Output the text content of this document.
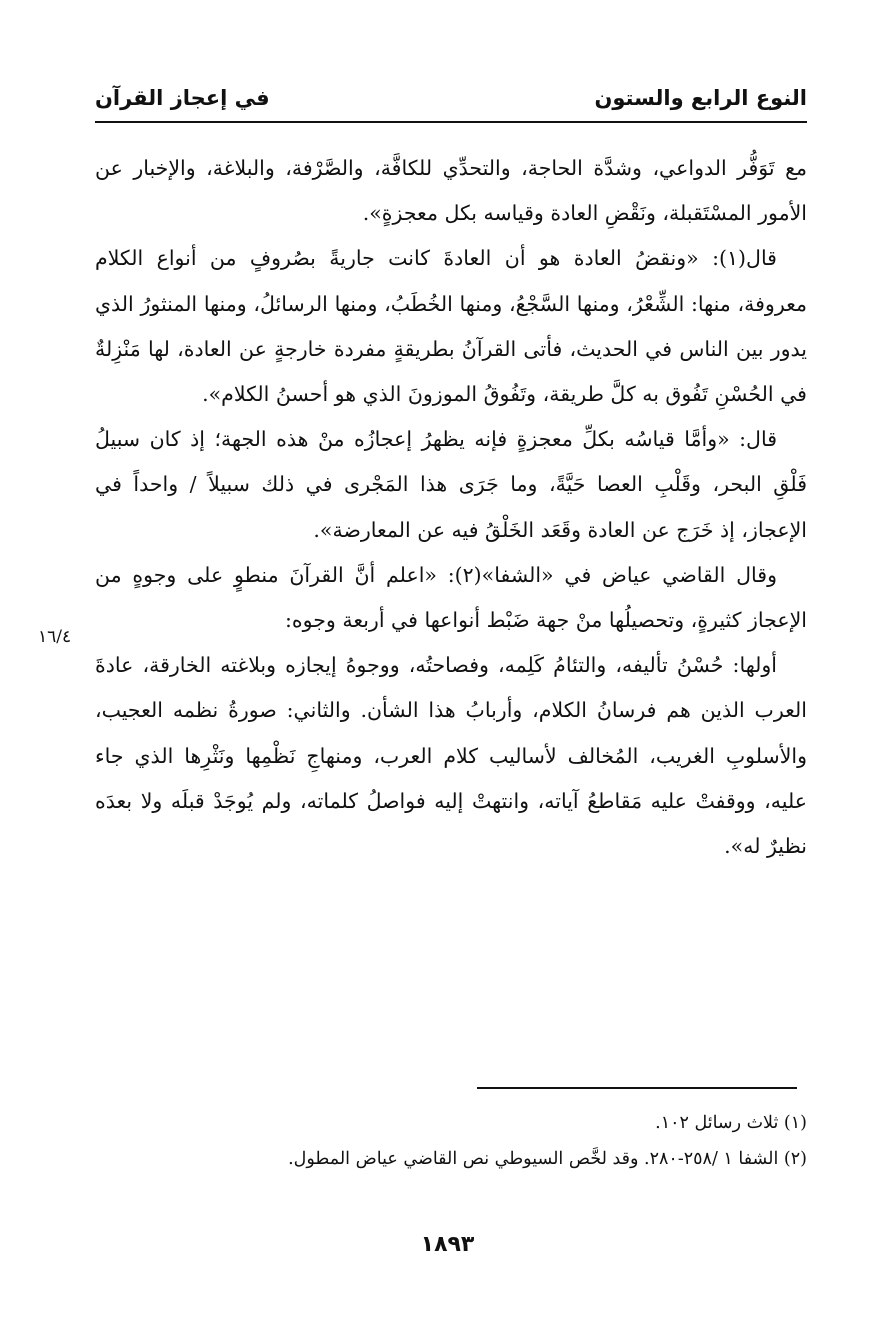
النوع الرابع والستون
في إعجاز القرآن

مع تَوَفُّر الدواعي، وشدَّة الحاجة، والتحدِّي للكافَّة، والصَّرْفة، والبلاغة، والإخبار عن الأمور المسْتَقبلة، ونَقْضِ العادة وقياسه بكل معجزةٍ».

قال(١): «ونقضُ العادة هو أن العادةَ كانت جاريةً بصُروفٍ من أنواع الكلام معروفة، منها: الشِّعْرُ، ومنها السَّجْعُ، ومنها الخُطَبُ، ومنها الرسائلُ، ومنها المنثورُ الذي يدور بين الناس في الحديث، فأتى القرآنُ بطريقةٍ مفردة خارجةٍ عن العادة، لها مَنْزِلةٌ في الحُسْنِ تَفُوق به كلَّ طريقة، وتَفُوقُ الموزونَ الذي هو أحسنُ الكلام».

قال: «وأمَّا قياسُه بكلِّ معجزةٍ فإنه يظهرُ إعجازُه منْ هذه الجهة؛ إذ كان سبيلُ فَلْقِ البحر، وقَلْبِ العصا حَيَّةً، وما جَرَى هذا المَجْرى في ذلك سبيلاً / واحداً في الإعجاز، إذ خَرَج عن العادة وقَعَد الخَلْقُ فيه عن المعارضة».

وقال القاضي عياض في «الشفا»(٢): «اعلم أنَّ القرآنَ منطوٍ على وجوهٍ من الإعجاز كثيرةٍ، وتحصيلُها منْ جهة ضَبْط أنواعها في أربعة وجوه:

أولها: حُسْنُ تأليفه، والتئامُ كَلِمه، وفصاحتُه، ووجوهُ إيجازه وبلاغته الخارقة، عادةَ العرب الذين هم فرسانُ الكلام، وأربابُ هذا الشأن. والثاني: صورةُ نظمه العجيب، والأسلوبِ الغريب، المُخالف لأساليب كلام العرب، ومنهاجِ نَظْمِها ونَثْرِها الذي جاء عليه، ووقفتْ عليه مَقاطعُ آياته، وانتهتْ إليه فواصلُ كلماته، ولم يُوجَدْ قبلَه ولا بعدَه نظيرٌ له».

١٦/٤
(١) ثلاث رسائل ١٠٢.
(٢) الشفا ١ /٢٥٨-٢٨٠. وقد لخَّص السيوطي نص القاضي عياض المطول.
١٨٩٣
